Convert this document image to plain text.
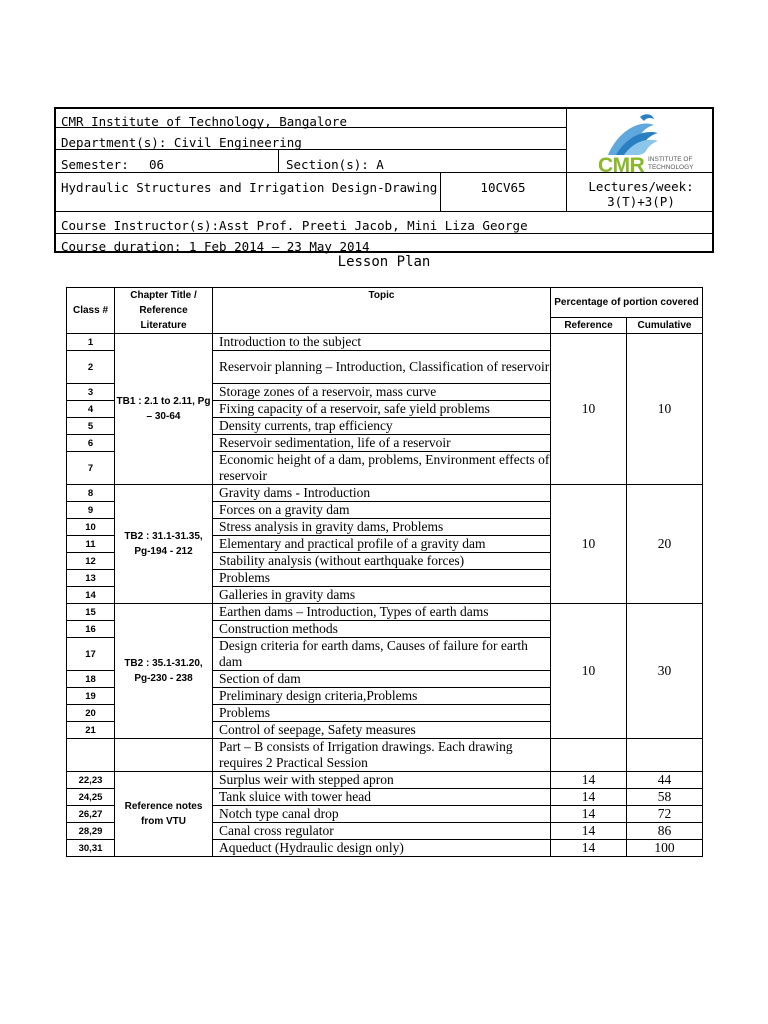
CMR Institute of Technology, Bangalore
Department(s): Civil Engineering
Semester: 06	Section(s): A
Hydraulic Structures and Irrigation Design-Drawing	10CV65	Lectures/week:
3(T)+3(P)
Course Instructor(s):Asst Prof. Preeti Jacob, Mini Liza George
Course duration: 1 Feb 2014 – 23 May 2014
CMR INSTITUTE OF
TECHNOLOGY
Lesson Plan
Class #	Chapter Title / Reference Literature	Topic	Percentage of portion covered	
			Reference	Cumulative
1	TB1 : 2.1 to 2.11, Pg – 30-64	Introduction to the subject	10	10
2		Reservoir planning – Introduction, Classification of reservoir		
3		Storage zones of a reservoir, mass curve		
4		Fixing capacity of a reservoir, safe yield problems		
5		Density currents, trap efficiency		
6		Reservoir sedimentation, life of a reservoir		
7		Economic height of a dam, problems, Environment effects of reservoir		
8	TB2 : 31.1-31.35, Pg-194 - 212	Gravity dams - Introduction	10	20
9		Forces on a gravity dam		
10		Stress analysis in gravity dams, Problems		
11		Elementary and practical profile of a gravity dam		
12		Stability analysis (without earthquake forces)		
13		Problems		
14		Galleries in gravity dams		
15	TB2 : 35.1-31.20, Pg-230 - 238	Earthen dams – Introduction, Types of earth dams	10	30
16		Construction methods		
17		Design criteria for earth dams, Causes of failure for earth dam		
18		Section of dam		
19		Preliminary design criteria,Problems		
20		Problems		
21		Control of seepage, Safety measures		
		Part – B consists of Irrigation drawings. Each drawing requires 2 Practical Session		
22,23	Reference notes from VTU	Surplus weir with stepped apron	14	44
24,25		Tank sluice with tower head	14	58
26,27		Notch type canal drop	14	72
28,29		Canal cross regulator	14	86
30,31		Aqueduct (Hydraulic design only)	14	100
